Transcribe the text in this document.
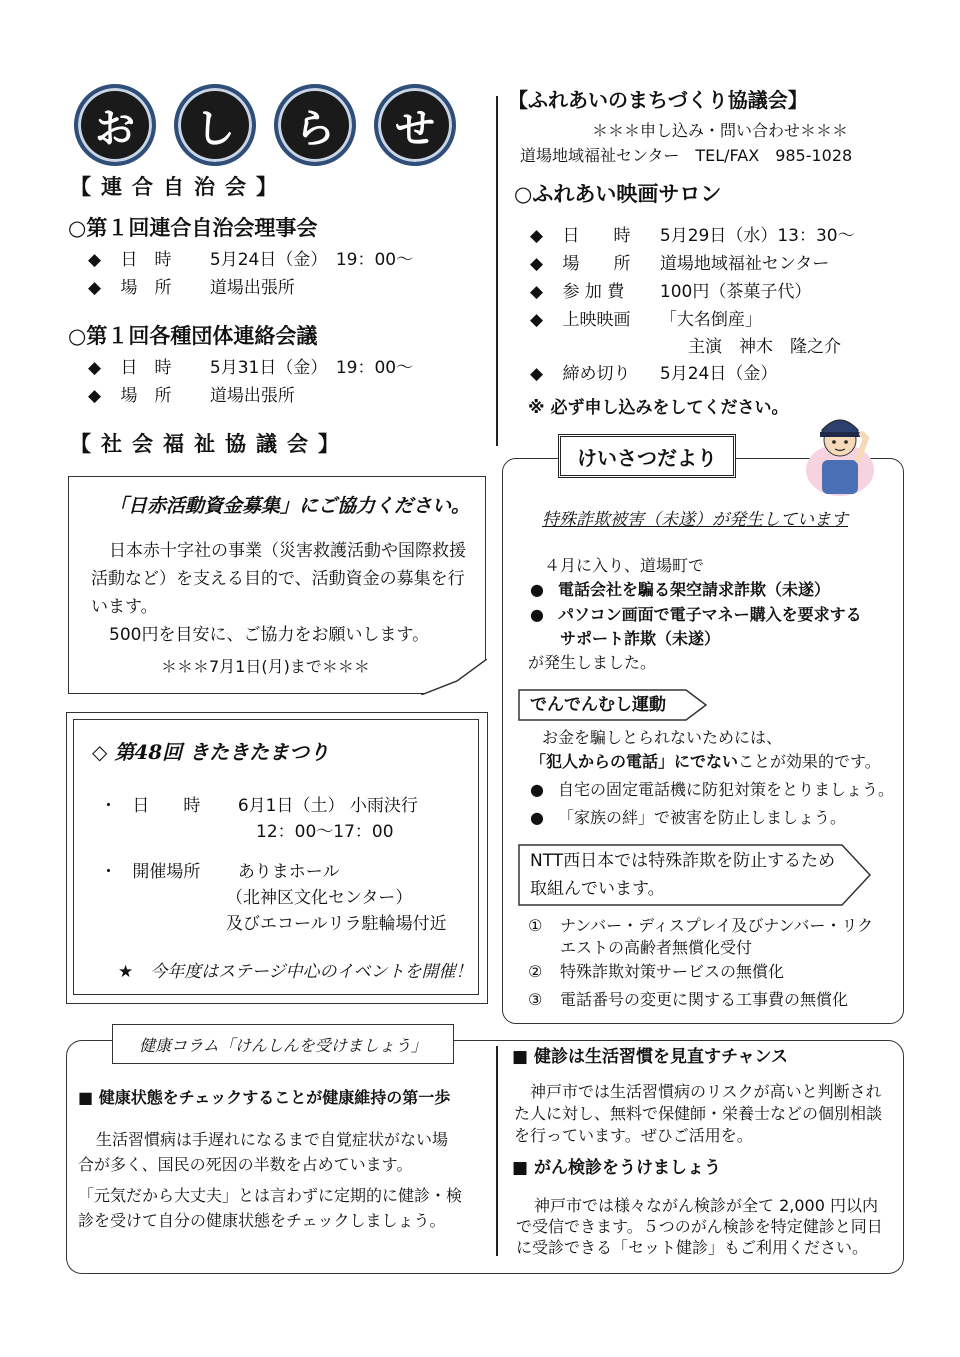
お し ら せ
【連合自治会】
○第１回連合自治会理事会
◆ 日　時 5月24日（金）　19：00～
◆ 場　所 道場出張所
○第１回各種団体連絡会議
◆ 日　時 5月31日（金）　19：00～
◆ 場　所 道場出張所
【社会福祉協議会】
「日赤活動資金募集」にご協力ください。
日本赤十字社の事業（災害救護活動や国際救援
活動など）を支える目的で、活動資金の募集を行
います。
500円を目安に、ご協力をお願いします。
＊＊＊7月1日(月)まで＊＊＊
◇ 第48回 きたきたまつり
・ 日　　時 6月1日（土） 小雨決行
12：00～17：00
・ 開催場所 ありまホール
（北神区文化センター）
及びエコールリラ駐輪場付近
★　今年度はステージ中心のイベントを開催！
【ふれあいのまちづくり協議会】
＊＊＊申し込み・問い合わせ＊＊＊
道場地域福祉センター　TEL/FAX　985-1028
○ふれあい映画サロン
◆ 日　　時 5月29日（水）13：30～
◆ 場　　所 道場地域福祉センター
◆ 参 加 費 100円（茶菓子代）
◆ 上映映画 「大名倒産」
主演　神木　隆之介
◆ 締め切り 5月24日（金）
※ 必ず申し込みをしてください。
けいさつだより
特殊詐欺被害（未遂）が発生しています
４月に入り、道場町で
● 電話会社を騙る架空請求詐欺（未遂）
● パソコン画面で電子マネー購入を要求する
サポート詐欺（未遂）
が発生しました。
でんでんむし運動
お金を騙しとられないためには、
「犯人からの電話」にでないことが効果的です。
● 自宅の固定電話機に防犯対策をとりましょう。
● 「家族の絆」で被害を防止しましょう。
NTT西日本では特殊詐欺を防止するため
取組んでいます。
① ナンバー・ディスプレイ及びナンバー・リク
エストの高齢者無償化受付
② 特殊詐欺対策サービスの無償化
③ 電話番号の変更に関する工事費の無償化
健康コラム「けんしんを受けましょう」
■ 健康状態をチェックすることが健康維持の第一歩
生活習慣病は手遅れになるまで自覚症状がない場
合が多く、国民の死因の半数を占めています。
「元気だから大丈夫」とは言わずに定期的に健診・検
診を受けて自分の健康状態をチェックしましょう。
■ 健診は生活習慣を見直すチャンス
神戸市では生活習慣病のリスクが高いと判断され
た人に対し、無料で保健師・栄養士などの個別相談
を行っています。ぜひご活用を。
■ がん検診をうけましょう
神戸市では様々ながん検診が全て 2,000 円以内
で受信できます。５つのがん検診を特定健診と同日
に受診できる「セット健診」もご利用ください。
